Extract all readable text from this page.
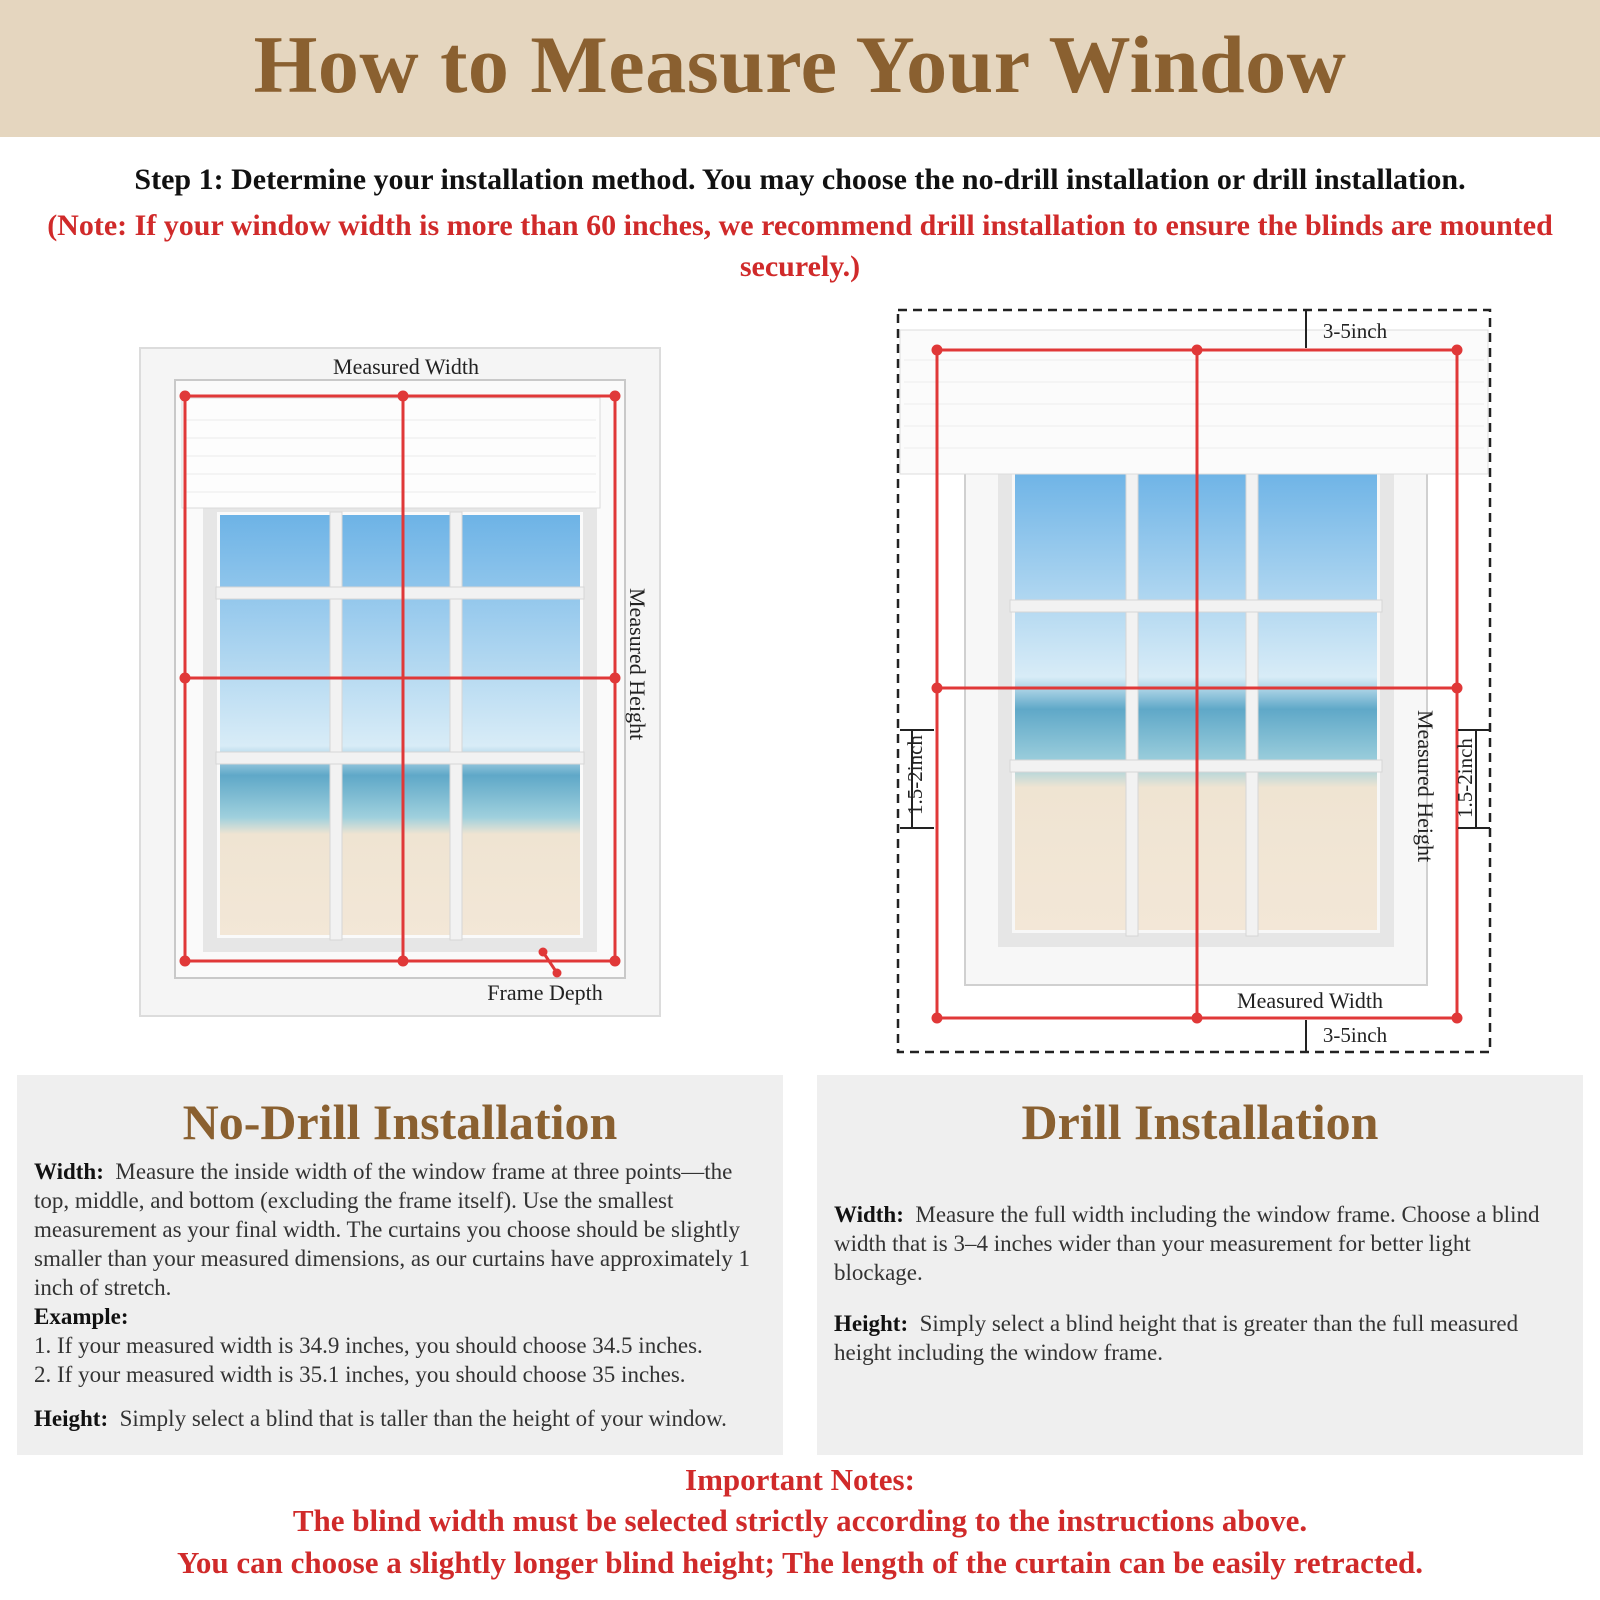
How to Measure Your Window
Step 1: Determine your installation method. You may choose the no-drill installation or drill installation.
(Note: If your window width is more than 60 inches, we recommend drill installation to ensure the blinds are mounted securely.)
Measured Width
Measured Height
Frame Depth
3-5inch
3-5inch
1.5-2inch	1.5-2inch
Measured Height
Measured Width
No-Drill Installation

Width: Measure the inside width of the window frame at three points—the top, middle, and bottom (excluding the frame itself). Use the smallest measurement as your final width. The curtains you choose should be slightly smaller than your measured dimensions, as our curtains have approximately 1 inch of stretch.

Example:

1. If your measured width is 34.9 inches, you should choose 34.5 inches.

2. If your measured width is 35.1 inches, you should choose 35 inches.

Height: Simply select a blind that is taller than the height of your window.

Drill Installation

Width: Measure the full width including the window frame. Choose a blind width that is 3–4 inches wider than your measurement for better light blockage.

Height: Simply select a blind height that is greater than the full measured height including the window frame.

Important Notes:
The blind width must be selected strictly according to the instructions above.
You can choose a slightly longer blind height; The length of the curtain can be easily retracted.
